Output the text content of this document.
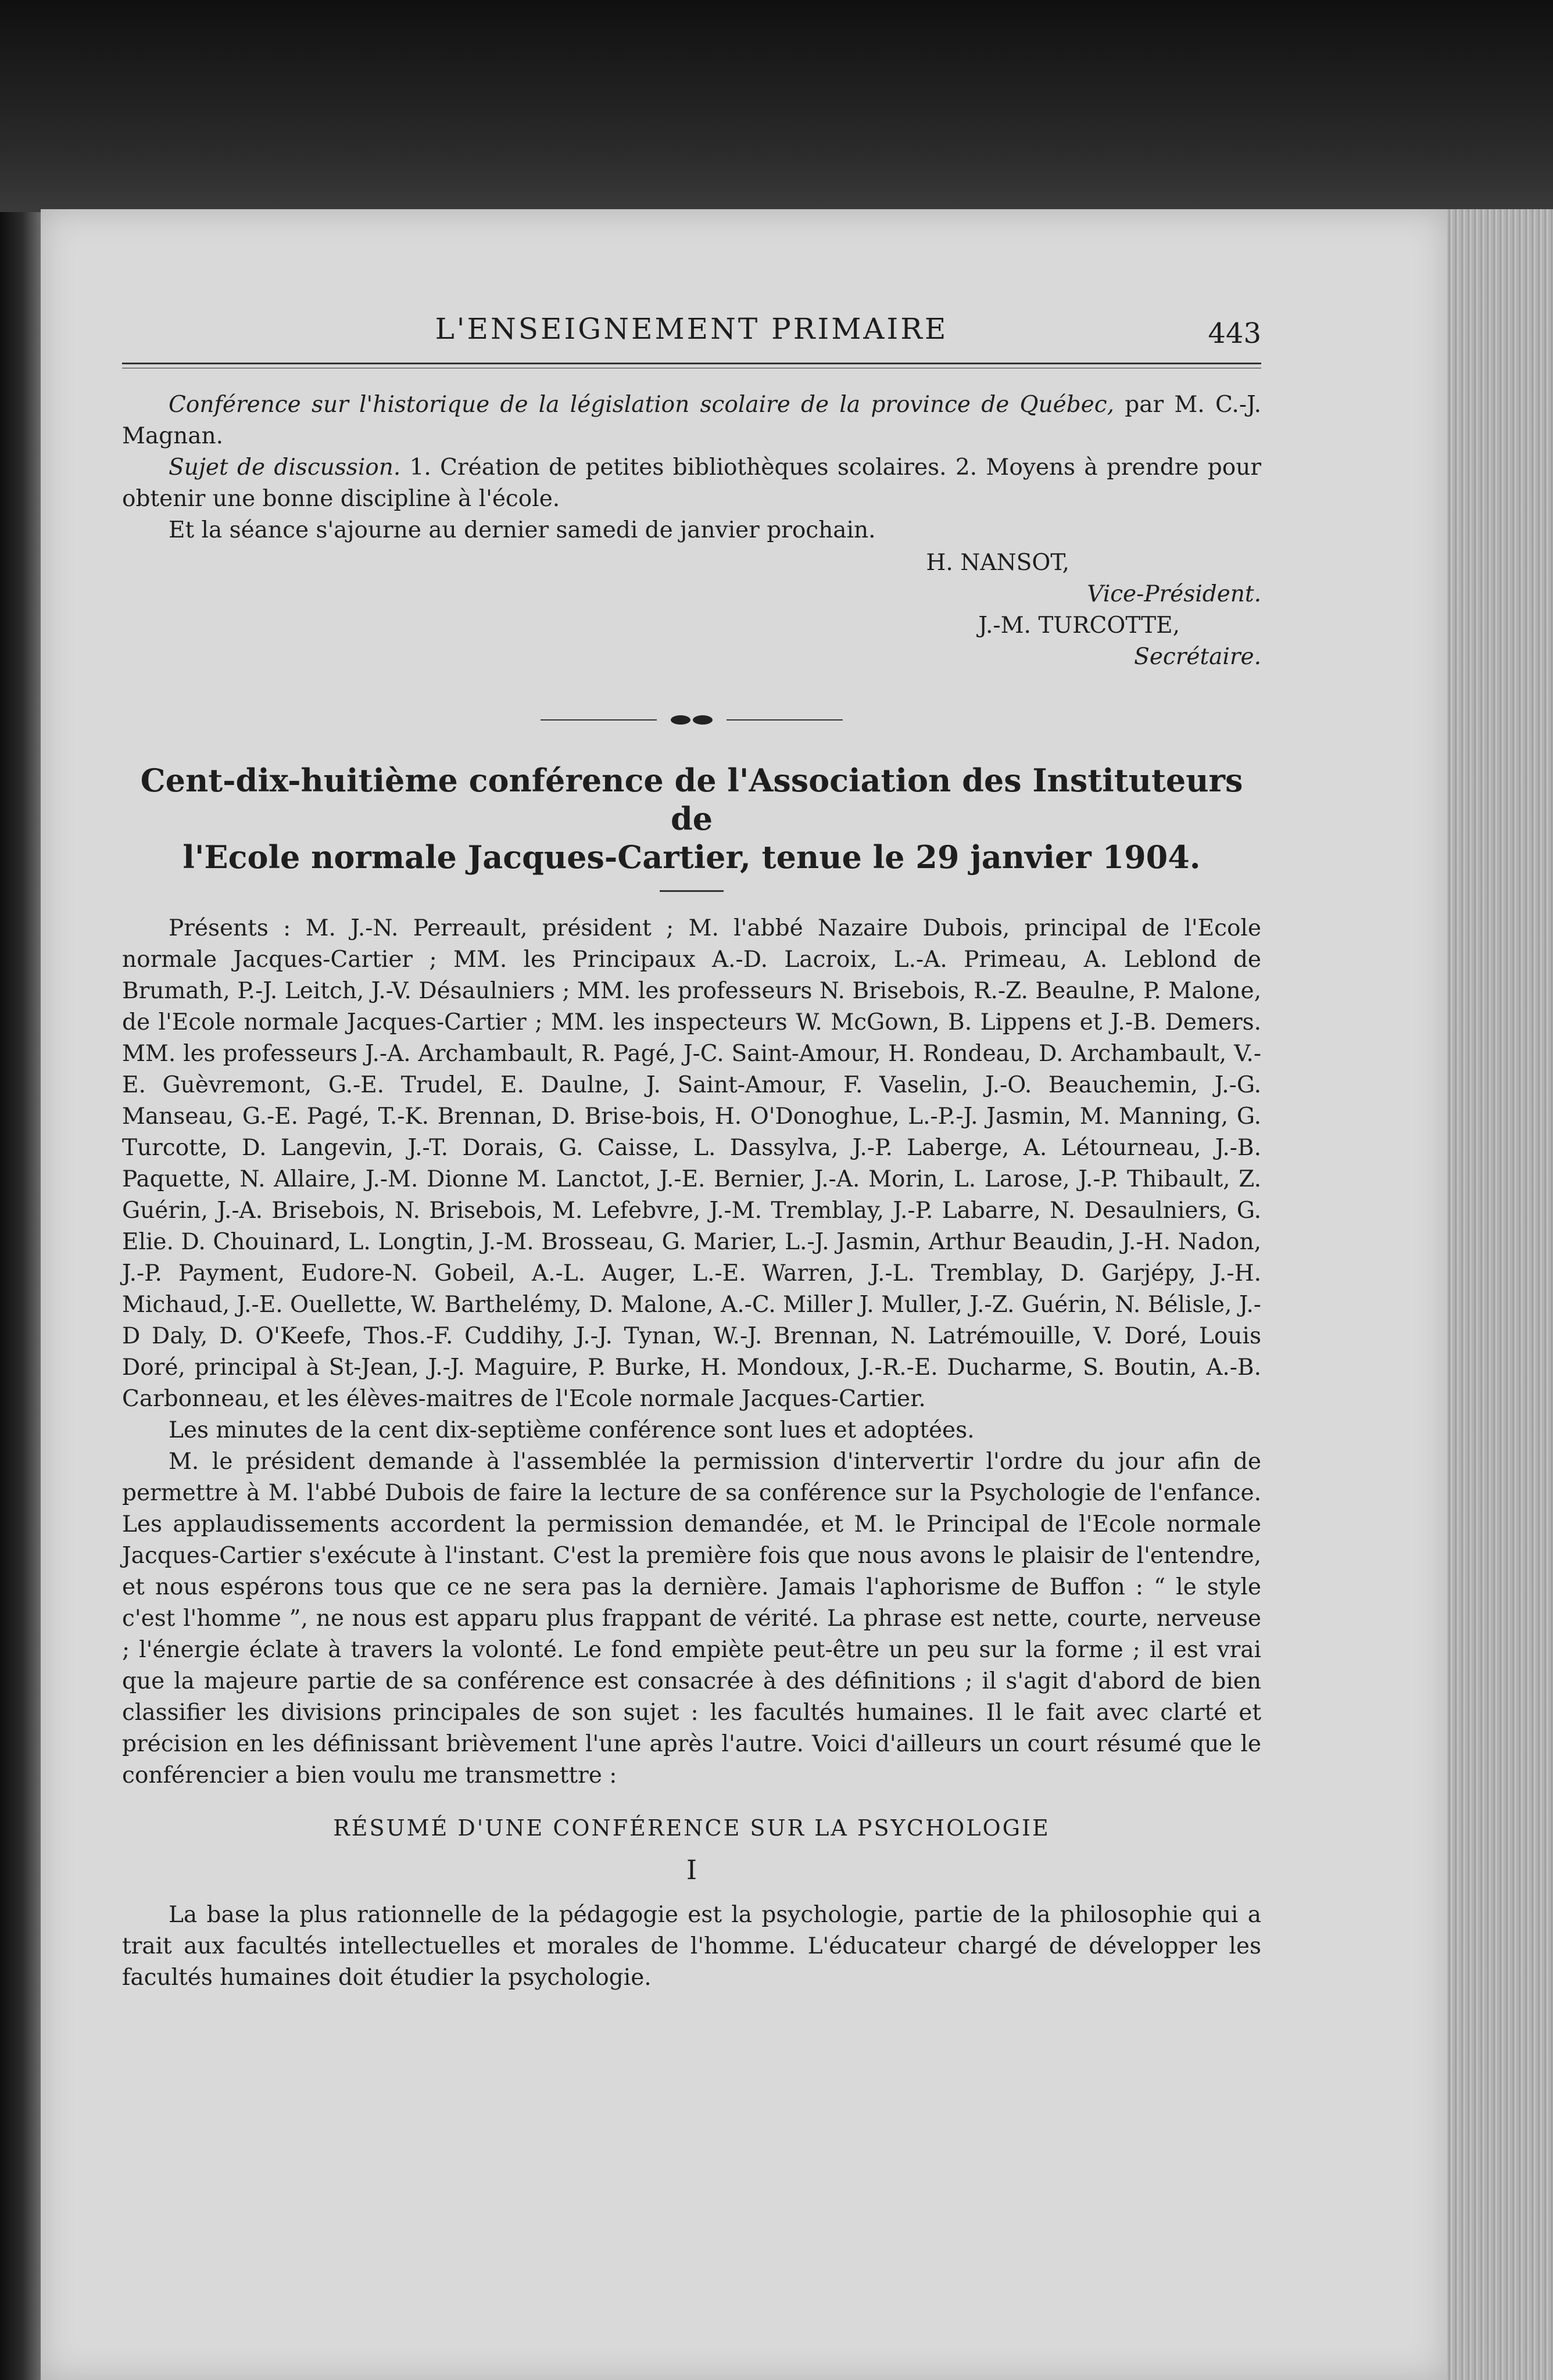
L'ENSEIGNEMENT PRIMAIRE	443

Conférence sur l'historique de la législation scolaire de la province de Québec, par M. C.-J. Magnan.

Sujet de discussion. 1. Création de petites bibliothèques scolaires. 2. Moyens à prendre pour obtenir une bonne discipline à l'école.

Et la séance s'ajourne au dernier samedi de janvier prochain.

H. NANSOT,

Vice-Président.

J.-M. TURCOTTE,

Secrétaire.

Cent-dix-huitième conférence de l'Association des Instituteurs de

l'Ecole normale Jacques-Cartier, tenue le 29 janvier 1904.

Présents : M. J.-N. Perreault, président ; M. l'abbé Nazaire Dubois, principal de l'Ecole normale Jacques-Cartier ; MM. les Principaux A.-D. Lacroix, L.-A. Primeau, A. Leblond de Brumath, P.-J. Leitch, J.-V. Désaulniers ; MM. les professeurs N. Brisebois, R.-Z. Beaulne, P. Malone, de l'Ecole normale Jacques-Cartier ; MM. les inspecteurs W. McGown, B. Lippens et J.-B. Demers. MM. les professeurs J.-A. Archambault, R. Pagé, J-C. Saint-Amour, H. Rondeau, D. Archambault, V.-E. Guèvremont, G.-E. Trudel, E. Daulne, J. Saint-Amour, F. Vaselin, J.-O. Beauchemin, J.-G. Manseau, G.-E. Pagé, T.-K. Brennan, D. Brise-bois, H. O'Donoghue, L.-P.-J. Jasmin, M. Manning, G. Turcotte, D. Langevin, J.-T. Dorais, G. Caisse, L. Dassylva, J.-P. Laberge, A. Létourneau, J.-B. Paquette, N. Allaire, J.-M. Dionne M. Lanctot, J.-E. Bernier, J.-A. Morin, L. Larose, J.-P. Thibault, Z. Guérin, J.-A. Brisebois, N. Brisebois, M. Lefebvre, J.-M. Tremblay, J.-P. Labarre, N. Desaulniers, G. Elie. D. Chouinard, L. Longtin, J.-M. Brosseau, G. Marier, L.-J. Jasmin, Arthur Beaudin, J.-H. Nadon, J.-P. Payment, Eudore-N. Gobeil, A.-L. Auger, L.-E. Warren, J.-L. Tremblay, D. Garjépy, J.-H. Michaud, J.-E. Ouellette, W. Barthelémy, D. Malone, A.-C. Miller J. Muller, J.-Z. Guérin, N. Bélisle, J.-D Daly, D. O'Keefe, Thos.-F. Cuddihy, J.-J. Tynan, W.-J. Brennan, N. Latrémouille, V. Doré, Louis Doré, principal à St-Jean, J.-J. Maguire, P. Burke, H. Mondoux, J.-R.-E. Ducharme, S. Boutin, A.-B. Carbonneau, et les élèves-maitres de l'Ecole normale Jacques-Cartier.

Les minutes de la cent dix-septième conférence sont lues et adoptées.

M. le président demande à l'assemblée la permission d'intervertir l'ordre du jour afin de permettre à M. l'abbé Dubois de faire la lecture de sa conférence sur la Psychologie de l'enfance. Les applaudissements accordent la permission demandée, et M. le Principal de l'Ecole normale Jacques-Cartier s'exécute à l'instant. C'est la première fois que nous avons le plaisir de l'entendre, et nous espérons tous que ce ne sera pas la dernière. Jamais l'aphorisme de Buffon : “ le style c'est l'homme ”, ne nous est apparu plus frappant de vérité. La phrase est nette, courte, nerveuse ; l'énergie éclate à travers la volonté. Le fond empiète peut-être un peu sur la forme ; il est vrai que la majeure partie de sa conférence est consacrée à des définitions ; il s'agit d'abord de bien classifier les divisions principales de son sujet : les facultés humaines. Il le fait avec clarté et précision en les définissant brièvement l'une après l'autre. Voici d'ailleurs un court résumé que le conférencier a bien voulu me transmettre :

RÉSUMÉ D'UNE CONFÉRENCE SUR LA PSYCHOLOGIE

I

La base la plus rationnelle de la pédagogie est la psychologie, partie de la philosophie qui a trait aux facultés intellectuelles et morales de l'homme. L'éducateur chargé de développer les facultés humaines doit étudier la psychologie.
